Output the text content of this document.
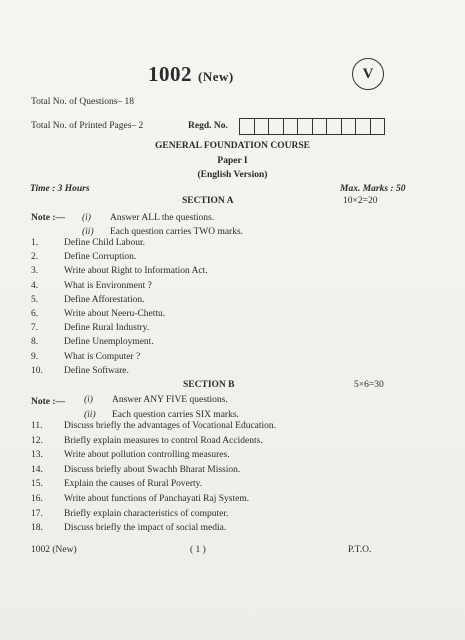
1002 (New)	V
Total No. of Questions– 18
Total No. of Printed Pages– 2	Regd. No.
GENERAL FOUNDATION COURSE
Paper I
(English Version)
Time : 3 Hours	Max. Marks : 50
SECTION A	10×2=20
Note :— (i) Answer ALL the questions.
(ii) Each question carries TWO marks.
1.	Define Child Labour.
2.	Define Corruption.
3.	Write about Right to Information Act.
4.	What is Environment ?
5.	Define Afforestation.
6.	Write about Neeru-Chettu.
7.	Define Rural Industry.
8.	Define Unemployment.
9.	What is Computer ?
10. Define Software.
SECTION B	5×6=30
Note :— (i) Answer ANY FIVE questions.
(ii) Each question carries SIX marks.
11. Discuss briefly the advantages of Vocational Education.
12. Briefly explain measures to control Road Accidents.
13. Write about pollution controlling measures.
14. Discuss briefly about Swachh Bharat Mission.
15. Explain the causes of Rural Poverty.
16. Write about functions of Panchayati Raj System.
17. Briefly explain characteristics of computer.
18. Discuss briefly the impact of social media.
1002 (New)	( 1 )	P.T.O.
